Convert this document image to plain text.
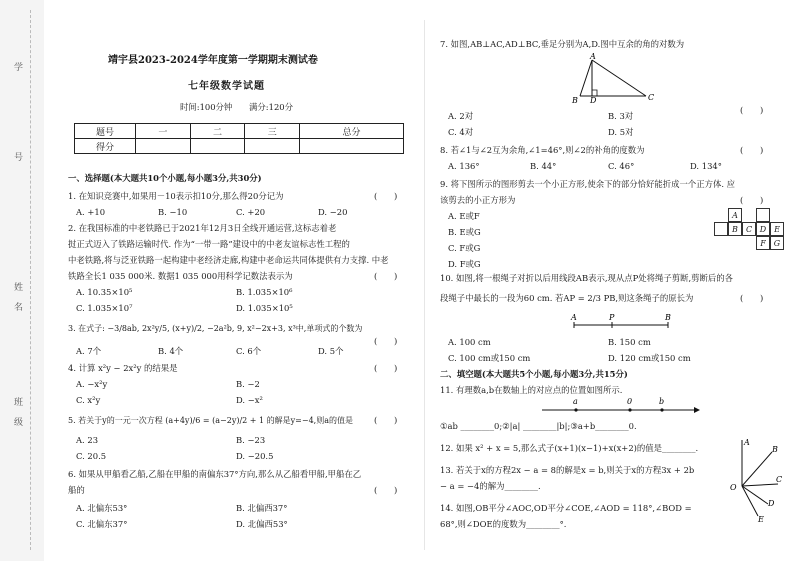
学
号
姓
名
班
级
靖宇县2023-2024学年度第一学期期末测试卷
七年级数学试题
时间:100分钟　　满分:120分
题号	一	二	三	总分
得分				
一、选择题(本大题共10个小题,每小题3分,共30分)
1. 在知识竞赛中,如果用－10表示扣10分,那么得20分记为	(　　)
A. +10	B. −10	C. +20	D. −20
2. 在我国标准的中老铁路已于2021年12月3日全线开通运营,这标志着老
挝正式迈入了铁路运输时代. 作为“一带一路”建设中的中老友谊标志性工程的
中老铁路,将与泛亚铁路一起构建中老经济走廊,构建中老命运共同体提供有力支撑. 中老
铁路全长1 035 000米. 数据1 035 000用科学记数法表示为	(　　)
A. 10.35×10⁵	B. 1.035×10⁶
C. 1.035×10⁷	D. 1.035×10⁵
3. 在式子: −3/8ab, 2x²y/5, (x+y)/2, −2a²b, 9, x²−2x+3, x³中,单项式的个数为
(　　)
A. 7个	B. 4个	C. 6个	D. 5个
4. 计算 x²y − 2x²y 的结果是	(　　)
A. −x²y	B. −2
C. x²y	D. −x²
5. 若关于y的一元一次方程 (a+4y)/6 = (a−2y)/2 + 1 的解是y=−4,则a的值是	(　　)
A. 23	B. −23
C. 20.5	D. −20.5
6. 如果从甲船看乙船,乙船在甲船的南偏东37°方向,那么从乙船看甲船,甲船在乙
船的	(　　)
A. 北偏东53°	B. 北偏西37°
C. 北偏东37°	D. 北偏西53°
7. 如图,AB⊥AC,AD⊥BC,垂足分别为A,D.图中互余的角的对数为
A
B D	C
(　　)
A. 2对	B. 3对
C. 4对	D. 5对
8. 若∠1与∠2互为余角,∠1=46°,则∠2的补角的度数为	(　　)
A. 136°	B. 44°	C. 46°	D. 134°
9. 将下图所示的图形剪去一个小正方形,使余下的部分恰好能折成一个正方体. 应
该剪去的小正方形为	(　　)
A. E或F
B. E或G
C. F或G
D. F或G
A
B	C D E
F	G
10. 如图,将一根绳子对折以后用线段AB表示,现从点P处将绳子剪断,剪断后的各
段绳子中最长的一段为60 cm. 若AP = 2/3 PB,则这条绳子的原长为	(　　)
A	P	B
A. 100 cm	B. 150 cm
C. 100 cm或150 cm	D. 120 cm或150 cm
二、填空题(本大题共5个小题,每小题3分,共15分)
11. 有理数a,b在数轴上的对应点的位置如图所示.
a	0	b
①ab ________0;②|a| ________|b|;③a+b________0.
12. 如果 x² + x = 5,那么式子(x+1)(x−1)+x(x+2)的值是________.
13. 若关于x的方程2x − a = 8的解是x = b,则关于x的方程3x + 2b
− a = −4的解为________.
14. 如图,OB平分∠AOC,OD平分∠COE,∠AOD = 118°,∠BOD =
68°,则∠DOE的度数为________°.
A
B
C
O
D
E
